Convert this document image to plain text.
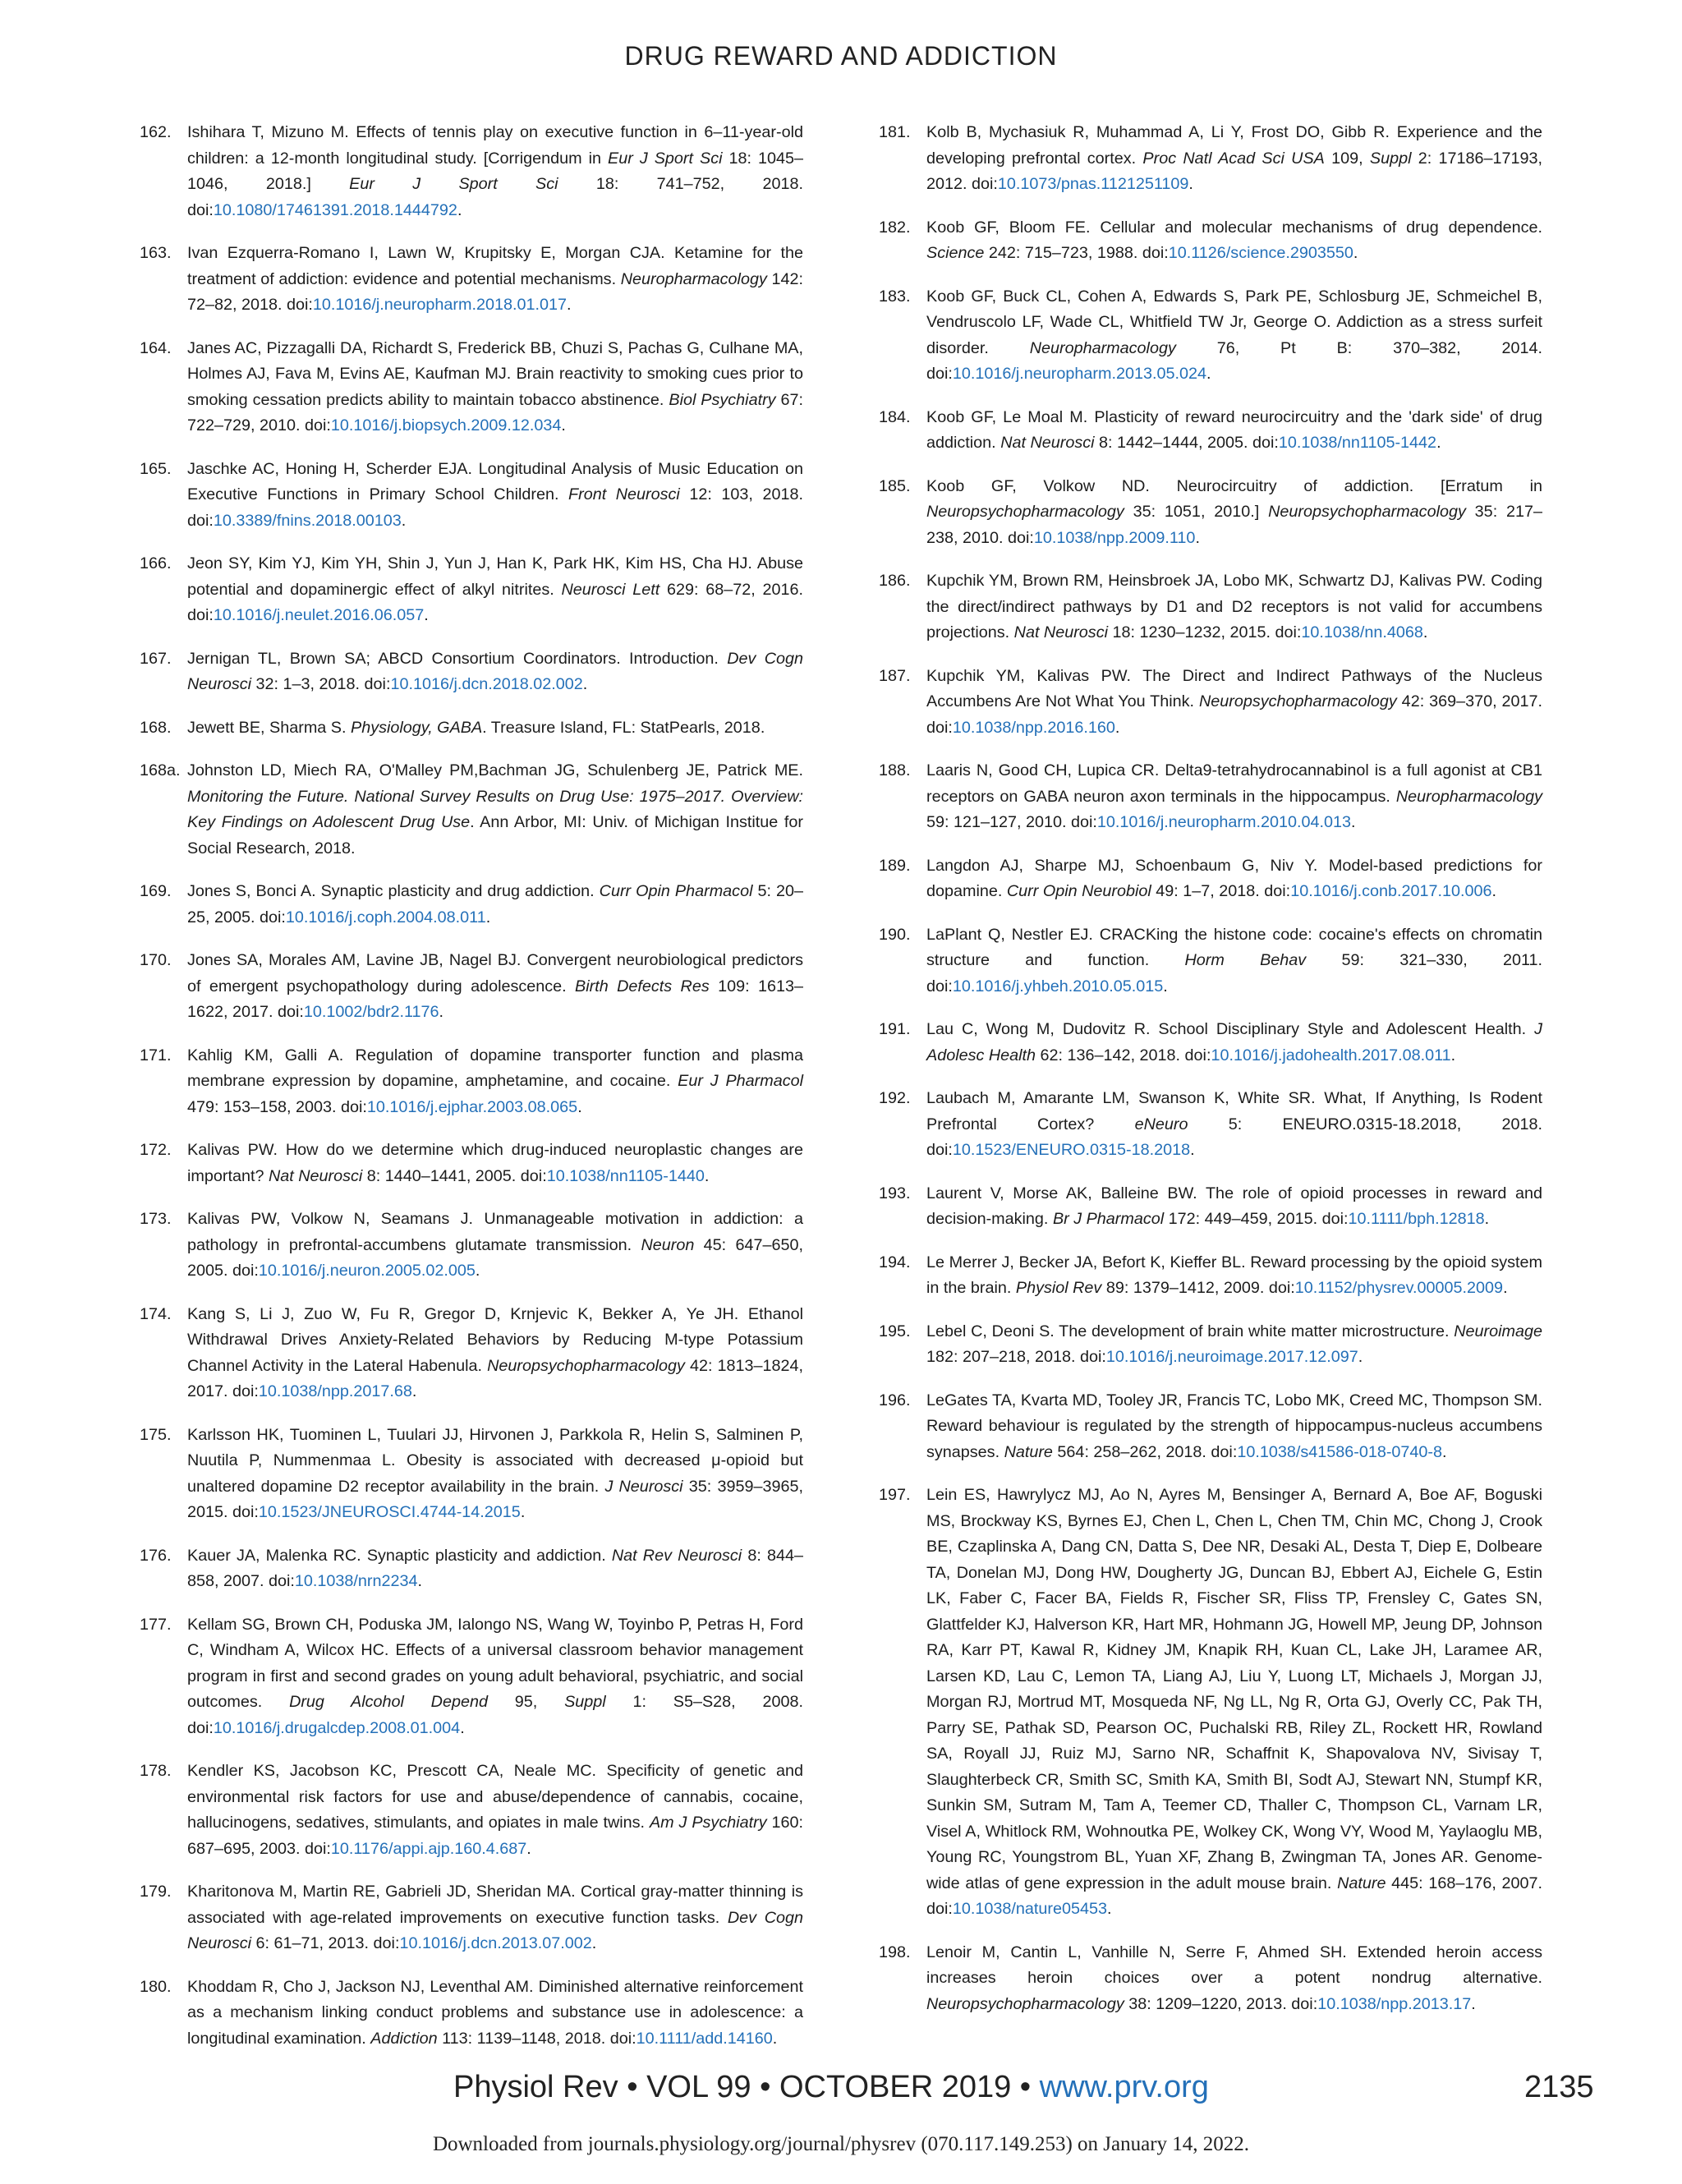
DRUG REWARD AND ADDICTION

162. Ishihara T, Mizuno M. Effects of tennis play on executive function in 6–11-year-old children: a 12-month longitudinal study. [Corrigendum in Eur J Sport Sci 18: 1045–1046, 2018.] Eur J Sport Sci 18: 741–752, 2018. doi:10.1080/17461391.2018.1444792.

163. Ivan Ezquerra-Romano I, Lawn W, Krupitsky E, Morgan CJA. Ketamine for the treatment of addiction: evidence and potential mechanisms. Neuropharmacology 142: 72–82, 2018. doi:10.1016/j.neuropharm.2018.01.017.

164. Janes AC, Pizzagalli DA, Richardt S, Frederick BB, Chuzi S, Pachas G, Culhane MA, Holmes AJ, Fava M, Evins AE, Kaufman MJ. Brain reactivity to smoking cues prior to smoking cessation predicts ability to maintain tobacco abstinence. Biol Psychiatry 67: 722–729, 2010. doi:10.1016/j.biopsych.2009.12.034.

165. Jaschke AC, Honing H, Scherder EJA. Longitudinal Analysis of Music Education on Executive Functions in Primary School Children. Front Neurosci 12: 103, 2018. doi:10.3389/fnins.2018.00103.

166. Jeon SY, Kim YJ, Kim YH, Shin J, Yun J, Han K, Park HK, Kim HS, Cha HJ. Abuse potential and dopaminergic effect of alkyl nitrites. Neurosci Lett 629: 68–72, 2016. doi:10.1016/j.neulet.2016.06.057.

167. Jernigan TL, Brown SA; ABCD Consortium Coordinators. Introduction. Dev Cogn Neurosci 32: 1–3, 2018. doi:10.1016/j.dcn.2018.02.002.

168. Jewett BE, Sharma S. Physiology, GABA. Treasure Island, FL: StatPearls, 2018.

168a. Johnston LD, Miech RA, O'Malley PM,Bachman JG, Schulenberg JE, Patrick ME. Monitoring the Future. National Survey Results on Drug Use: 1975–2017. Overview: Key Findings on Adolescent Drug Use. Ann Arbor, MI: Univ. of Michigan Institue for Social Research, 2018.

169. Jones S, Bonci A. Synaptic plasticity and drug addiction. Curr Opin Pharmacol 5: 20–25, 2005. doi:10.1016/j.coph.2004.08.011.

170. Jones SA, Morales AM, Lavine JB, Nagel BJ. Convergent neurobiological predictors of emergent psychopathology during adolescence. Birth Defects Res 109: 1613–1622, 2017. doi:10.1002/bdr2.1176.

171. Kahlig KM, Galli A. Regulation of dopamine transporter function and plasma membrane expression by dopamine, amphetamine, and cocaine. Eur J Pharmacol 479: 153–158, 2003. doi:10.1016/j.ejphar.2003.08.065.

172. Kalivas PW. How do we determine which drug-induced neuroplastic changes are important? Nat Neurosci 8: 1440–1441, 2005. doi:10.1038/nn1105-1440.

173. Kalivas PW, Volkow N, Seamans J. Unmanageable motivation in addiction: a pathology in prefrontal-accumbens glutamate transmission. Neuron 45: 647–650, 2005. doi:10.1016/j.neuron.2005.02.005.

174. Kang S, Li J, Zuo W, Fu R, Gregor D, Krnjevic K, Bekker A, Ye JH. Ethanol Withdrawal Drives Anxiety-Related Behaviors by Reducing M-type Potassium Channel Activity in the Lateral Habenula. Neuropsychopharmacology 42: 1813–1824, 2017. doi:10.1038/npp.2017.68.

175. Karlsson HK, Tuominen L, Tuulari JJ, Hirvonen J, Parkkola R, Helin S, Salminen P, Nuutila P, Nummenmaa L. Obesity is associated with decreased μ-opioid but unaltered dopamine D2 receptor availability in the brain. J Neurosci 35: 3959–3965, 2015. doi:10.1523/JNEUROSCI.4744-14.2015.

176. Kauer JA, Malenka RC. Synaptic plasticity and addiction. Nat Rev Neurosci 8: 844–858, 2007. doi:10.1038/nrn2234.

177. Kellam SG, Brown CH, Poduska JM, Ialongo NS, Wang W, Toyinbo P, Petras H, Ford C, Windham A, Wilcox HC. Effects of a universal classroom behavior management program in first and second grades on young adult behavioral, psychiatric, and social outcomes. Drug Alcohol Depend 95, Suppl 1: S5–S28, 2008. doi:10.1016/j.drugalcdep.2008.01.004.

178. Kendler KS, Jacobson KC, Prescott CA, Neale MC. Specificity of genetic and environmental risk factors for use and abuse/dependence of cannabis, cocaine, hallucinogens, sedatives, stimulants, and opiates in male twins. Am J Psychiatry 160: 687–695, 2003. doi:10.1176/appi.ajp.160.4.687.

179. Kharitonova M, Martin RE, Gabrieli JD, Sheridan MA. Cortical gray-matter thinning is associated with age-related improvements on executive function tasks. Dev Cogn Neurosci 6: 61–71, 2013. doi:10.1016/j.dcn.2013.07.002.

180. Khoddam R, Cho J, Jackson NJ, Leventhal AM. Diminished alternative reinforcement as a mechanism linking conduct problems and substance use in adolescence: a longitudinal examination. Addiction 113: 1139–1148, 2018. doi:10.1111/add.14160.

181. Kolb B, Mychasiuk R, Muhammad A, Li Y, Frost DO, Gibb R. Experience and the developing prefrontal cortex. Proc Natl Acad Sci USA 109, Suppl 2: 17186–17193, 2012. doi:10.1073/pnas.1121251109.

182. Koob GF, Bloom FE. Cellular and molecular mechanisms of drug dependence. Science 242: 715–723, 1988. doi:10.1126/science.2903550.

183. Koob GF, Buck CL, Cohen A, Edwards S, Park PE, Schlosburg JE, Schmeichel B, Vendruscolo LF, Wade CL, Whitfield TW Jr, George O. Addiction as a stress surfeit disorder. Neuropharmacology 76, Pt B: 370–382, 2014. doi:10.1016/j.neuropharm.2013.05.024.

184. Koob GF, Le Moal M. Plasticity of reward neurocircuitry and the 'dark side' of drug addiction. Nat Neurosci 8: 1442–1444, 2005. doi:10.1038/nn1105-1442.

185. Koob GF, Volkow ND. Neurocircuitry of addiction. [Erratum in Neuropsychopharmacology 35: 1051, 2010.] Neuropsychopharmacology 35: 217–238, 2010. doi:10.1038/npp.2009.110.

186. Kupchik YM, Brown RM, Heinsbroek JA, Lobo MK, Schwartz DJ, Kalivas PW. Coding the direct/indirect pathways by D1 and D2 receptors is not valid for accumbens projections. Nat Neurosci 18: 1230–1232, 2015. doi:10.1038/nn.4068.

187. Kupchik YM, Kalivas PW. The Direct and Indirect Pathways of the Nucleus Accumbens Are Not What You Think. Neuropsychopharmacology 42: 369–370, 2017. doi:10.1038/npp.2016.160.

188. Laaris N, Good CH, Lupica CR. Delta9-tetrahydrocannabinol is a full agonist at CB1 receptors on GABA neuron axon terminals in the hippocampus. Neuropharmacology 59: 121–127, 2010. doi:10.1016/j.neuropharm.2010.04.013.

189. Langdon AJ, Sharpe MJ, Schoenbaum G, Niv Y. Model-based predictions for dopamine. Curr Opin Neurobiol 49: 1–7, 2018. doi:10.1016/j.conb.2017.10.006.

190. LaPlant Q, Nestler EJ. CRACKing the histone code: cocaine's effects on chromatin structure and function. Horm Behav 59: 321–330, 2011. doi:10.1016/j.yhbeh.2010.05.015.

191. Lau C, Wong M, Dudovitz R. School Disciplinary Style and Adolescent Health. J Adolesc Health 62: 136–142, 2018. doi:10.1016/j.jadohealth.2017.08.011.

192. Laubach M, Amarante LM, Swanson K, White SR. What, If Anything, Is Rodent Prefrontal Cortex? eNeuro 5: ENEURO.0315-18.2018, 2018. doi:10.1523/ENEURO.0315-18.2018.

193. Laurent V, Morse AK, Balleine BW. The role of opioid processes in reward and decision-making. Br J Pharmacol 172: 449–459, 2015. doi:10.1111/bph.12818.

194. Le Merrer J, Becker JA, Befort K, Kieffer BL. Reward processing by the opioid system in the brain. Physiol Rev 89: 1379–1412, 2009. doi:10.1152/physrev.00005.2009.

195. Lebel C, Deoni S. The development of brain white matter microstructure. Neuroimage 182: 207–218, 2018. doi:10.1016/j.neuroimage.2017.12.097.

196. LeGates TA, Kvarta MD, Tooley JR, Francis TC, Lobo MK, Creed MC, Thompson SM. Reward behaviour is regulated by the strength of hippocampus-nucleus accumbens synapses. Nature 564: 258–262, 2018. doi:10.1038/s41586-018-0740-8.

197. Lein ES, Hawrylycz MJ, Ao N, Ayres M, Bensinger A, Bernard A, Boe AF, Boguski MS, Brockway KS, Byrnes EJ, Chen L, Chen L, Chen TM, Chin MC, Chong J, Crook BE, Czaplinska A, Dang CN, Datta S, Dee NR, Desaki AL, Desta T, Diep E, Dolbeare TA, Donelan MJ, Dong HW, Dougherty JG, Duncan BJ, Ebbert AJ, Eichele G, Estin LK, Faber C, Facer BA, Fields R, Fischer SR, Fliss TP, Frensley C, Gates SN, Glattfelder KJ, Halverson KR, Hart MR, Hohmann JG, Howell MP, Jeung DP, Johnson RA, Karr PT, Kawal R, Kidney JM, Knapik RH, Kuan CL, Lake JH, Laramee AR, Larsen KD, Lau C, Lemon TA, Liang AJ, Liu Y, Luong LT, Michaels J, Morgan JJ, Morgan RJ, Mortrud MT, Mosqueda NF, Ng LL, Ng R, Orta GJ, Overly CC, Pak TH, Parry SE, Pathak SD, Pearson OC, Puchalski RB, Riley ZL, Rockett HR, Rowland SA, Royall JJ, Ruiz MJ, Sarno NR, Schaffnit K, Shapovalova NV, Sivisay T, Slaughterbeck CR, Smith SC, Smith KA, Smith BI, Sodt AJ, Stewart NN, Stumpf KR, Sunkin SM, Sutram M, Tam A, Teemer CD, Thaller C, Thompson CL, Varnam LR, Visel A, Whitlock RM, Wohnoutka PE, Wolkey CK, Wong VY, Wood M, Yaylaoglu MB, Young RC, Youngstrom BL, Yuan XF, Zhang B, Zwingman TA, Jones AR. Genome-wide atlas of gene expression in the adult mouse brain. Nature 445: 168–176, 2007. doi:10.1038/nature05453.

198. Lenoir M, Cantin L, Vanhille N, Serre F, Ahmed SH. Extended heroin access increases heroin choices over a potent nondrug alternative. Neuropsychopharmacology 38: 1209–1220, 2013. doi:10.1038/npp.2013.17.

Physiol Rev • VOL 99 • OCTOBER 2019 • www.prv.org	2135
Downloaded from journals.physiology.org/journal/physrev (070.117.149.253) on January 14, 2022.
